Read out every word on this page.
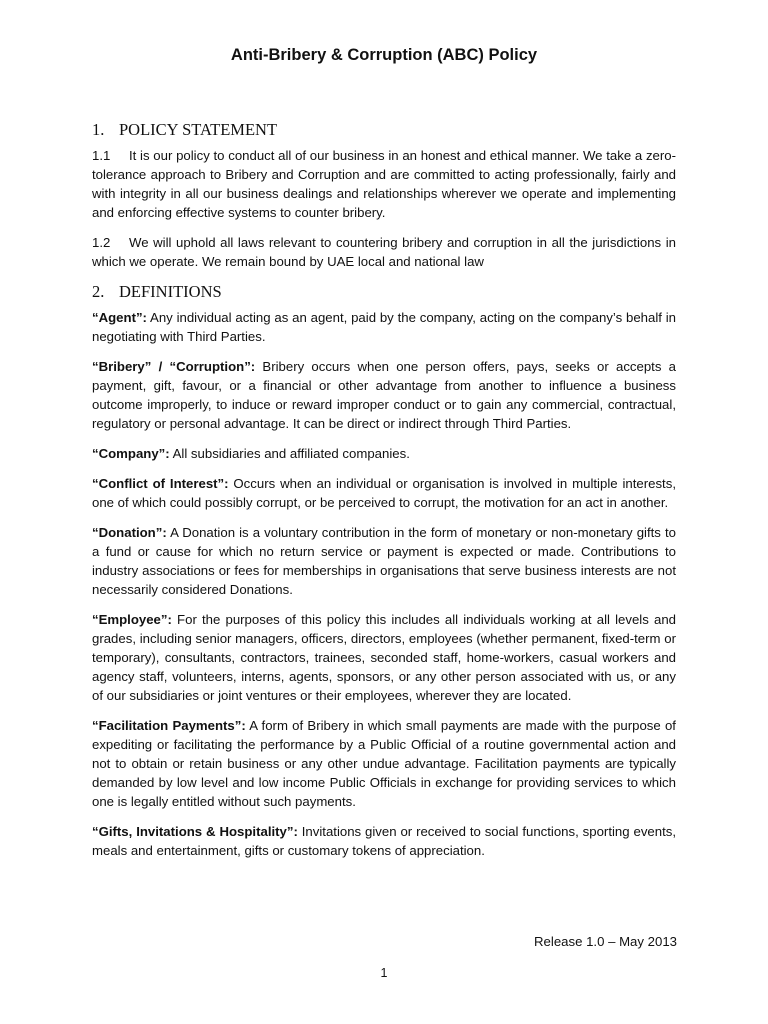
Anti-Bribery & Corruption (ABC) Policy
1. POLICY STATEMENT

1.1 It is our policy to conduct all of our business in an honest and ethical manner. We take a zero-tolerance approach to Bribery and Corruption and are committed to acting professionally, fairly and with integrity in all our business dealings and relationships wherever we operate and implementing and enforcing effective systems to counter bribery.

1.2 We will uphold all laws relevant to countering bribery and corruption in all the jurisdictions in which we operate. We remain bound by UAE local and national law

2. DEFINITIONS

“Agent”: Any individual acting as an agent, paid by the company, acting on the company’s behalf in negotiating with Third Parties.

“Bribery” / “Corruption”: Bribery occurs when one person offers, pays, seeks or accepts a payment, gift, favour, or a financial or other advantage from another to influence a business outcome improperly, to induce or reward improper conduct or to gain any commercial, contractual, regulatory or personal advantage. It can be direct or indirect through Third Parties.

“Company”: All subsidiaries and affiliated companies.

“Conflict of Interest”: Occurs when an individual or organisation is involved in multiple interests, one of which could possibly corrupt, or be perceived to corrupt, the motivation for an act in another.

“Donation”: A Donation is a voluntary contribution in the form of monetary or non-monetary gifts to a fund or cause for which no return service or payment is expected or made. Contributions to industry associations or fees for memberships in organisations that serve business interests are not necessarily considered Donations.

“Employee”: For the purposes of this policy this includes all individuals working at all levels and grades, including senior managers, officers, directors, employees (whether permanent, fixed-term or temporary), consultants, contractors, trainees, seconded staff, home-workers, casual workers and agency staff, volunteers, interns, agents, sponsors, or any other person associated with us, or any of our subsidiaries or joint ventures or their employees, wherever they are located.

“Facilitation Payments”: A form of Bribery in which small payments are made with the purpose of expediting or facilitating the performance by a Public Official of a routine governmental action and not to obtain or retain business or any other undue advantage. Facilitation payments are typically demanded by low level and low income Public Officials in exchange for providing services to which one is legally entitled without such payments.

“Gifts, Invitations & Hospitality”: Invitations given or received to social functions, sporting events, meals and entertainment, gifts or customary tokens of appreciation.

Release 1.0 – May 2013

1
